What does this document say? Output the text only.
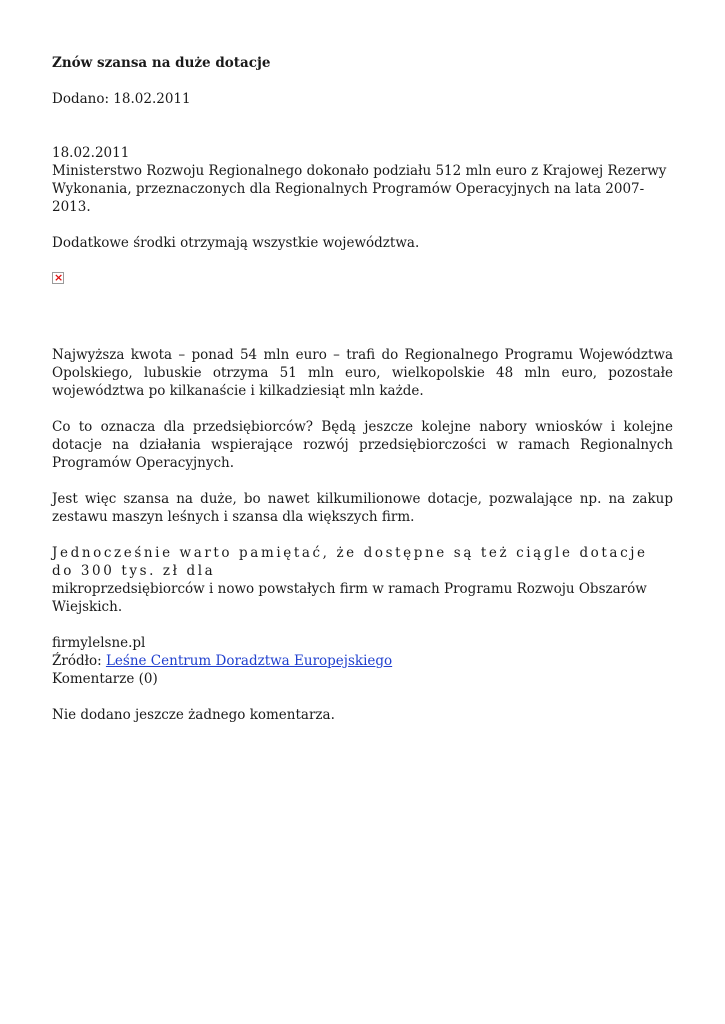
Znów szansa na duże dotacje
Dodano: 18.02.2011
18.02.2011

Ministerstwo Rozwoju Regionalnego dokonało podziału 512 mln euro z Krajowej Rezerwy Wykonania, przeznaczonych dla Regionalnych Programów Operacyjnych na lata 2007-2013.

Dodatkowe środki otrzymają wszystkie województwa.

×

Najwyższa kwota – ponad 54 mln euro – trafi do Regionalnego Programu Województwa Opolskiego, lubuskie otrzyma 51 mln euro, wielkopolskie 48 mln euro, pozostałe województwa po kilkanaście i kilkadziesiąt mln każde.

Co to oznacza dla przedsiębiorców? Będą jeszcze kolejne nabory wniosków i kolejne dotacje na działania wspierające rozwój przedsiębiorczości w ramach Regionalnych Programów Operacyjnych.

Jest więc szansa na duże, bo nawet kilkumilionowe dotacje, pozwalające np. na zakup zestawu maszyn leśnych i szansa dla większych firm.

Jednocześnie warto pamiętać, że dostępne są też ciągle dotacje do 300 tys. zł dla
mikroprzedsiębiorców i nowo powstałych firm w ramach Programu Rozwoju Obszarów Wiejskich.

firmylelsne.pl

Źródło: Leśne Centrum Doradztwa Europejskiego

Komentarze (0)

Nie dodano jeszcze żadnego komentarza.
